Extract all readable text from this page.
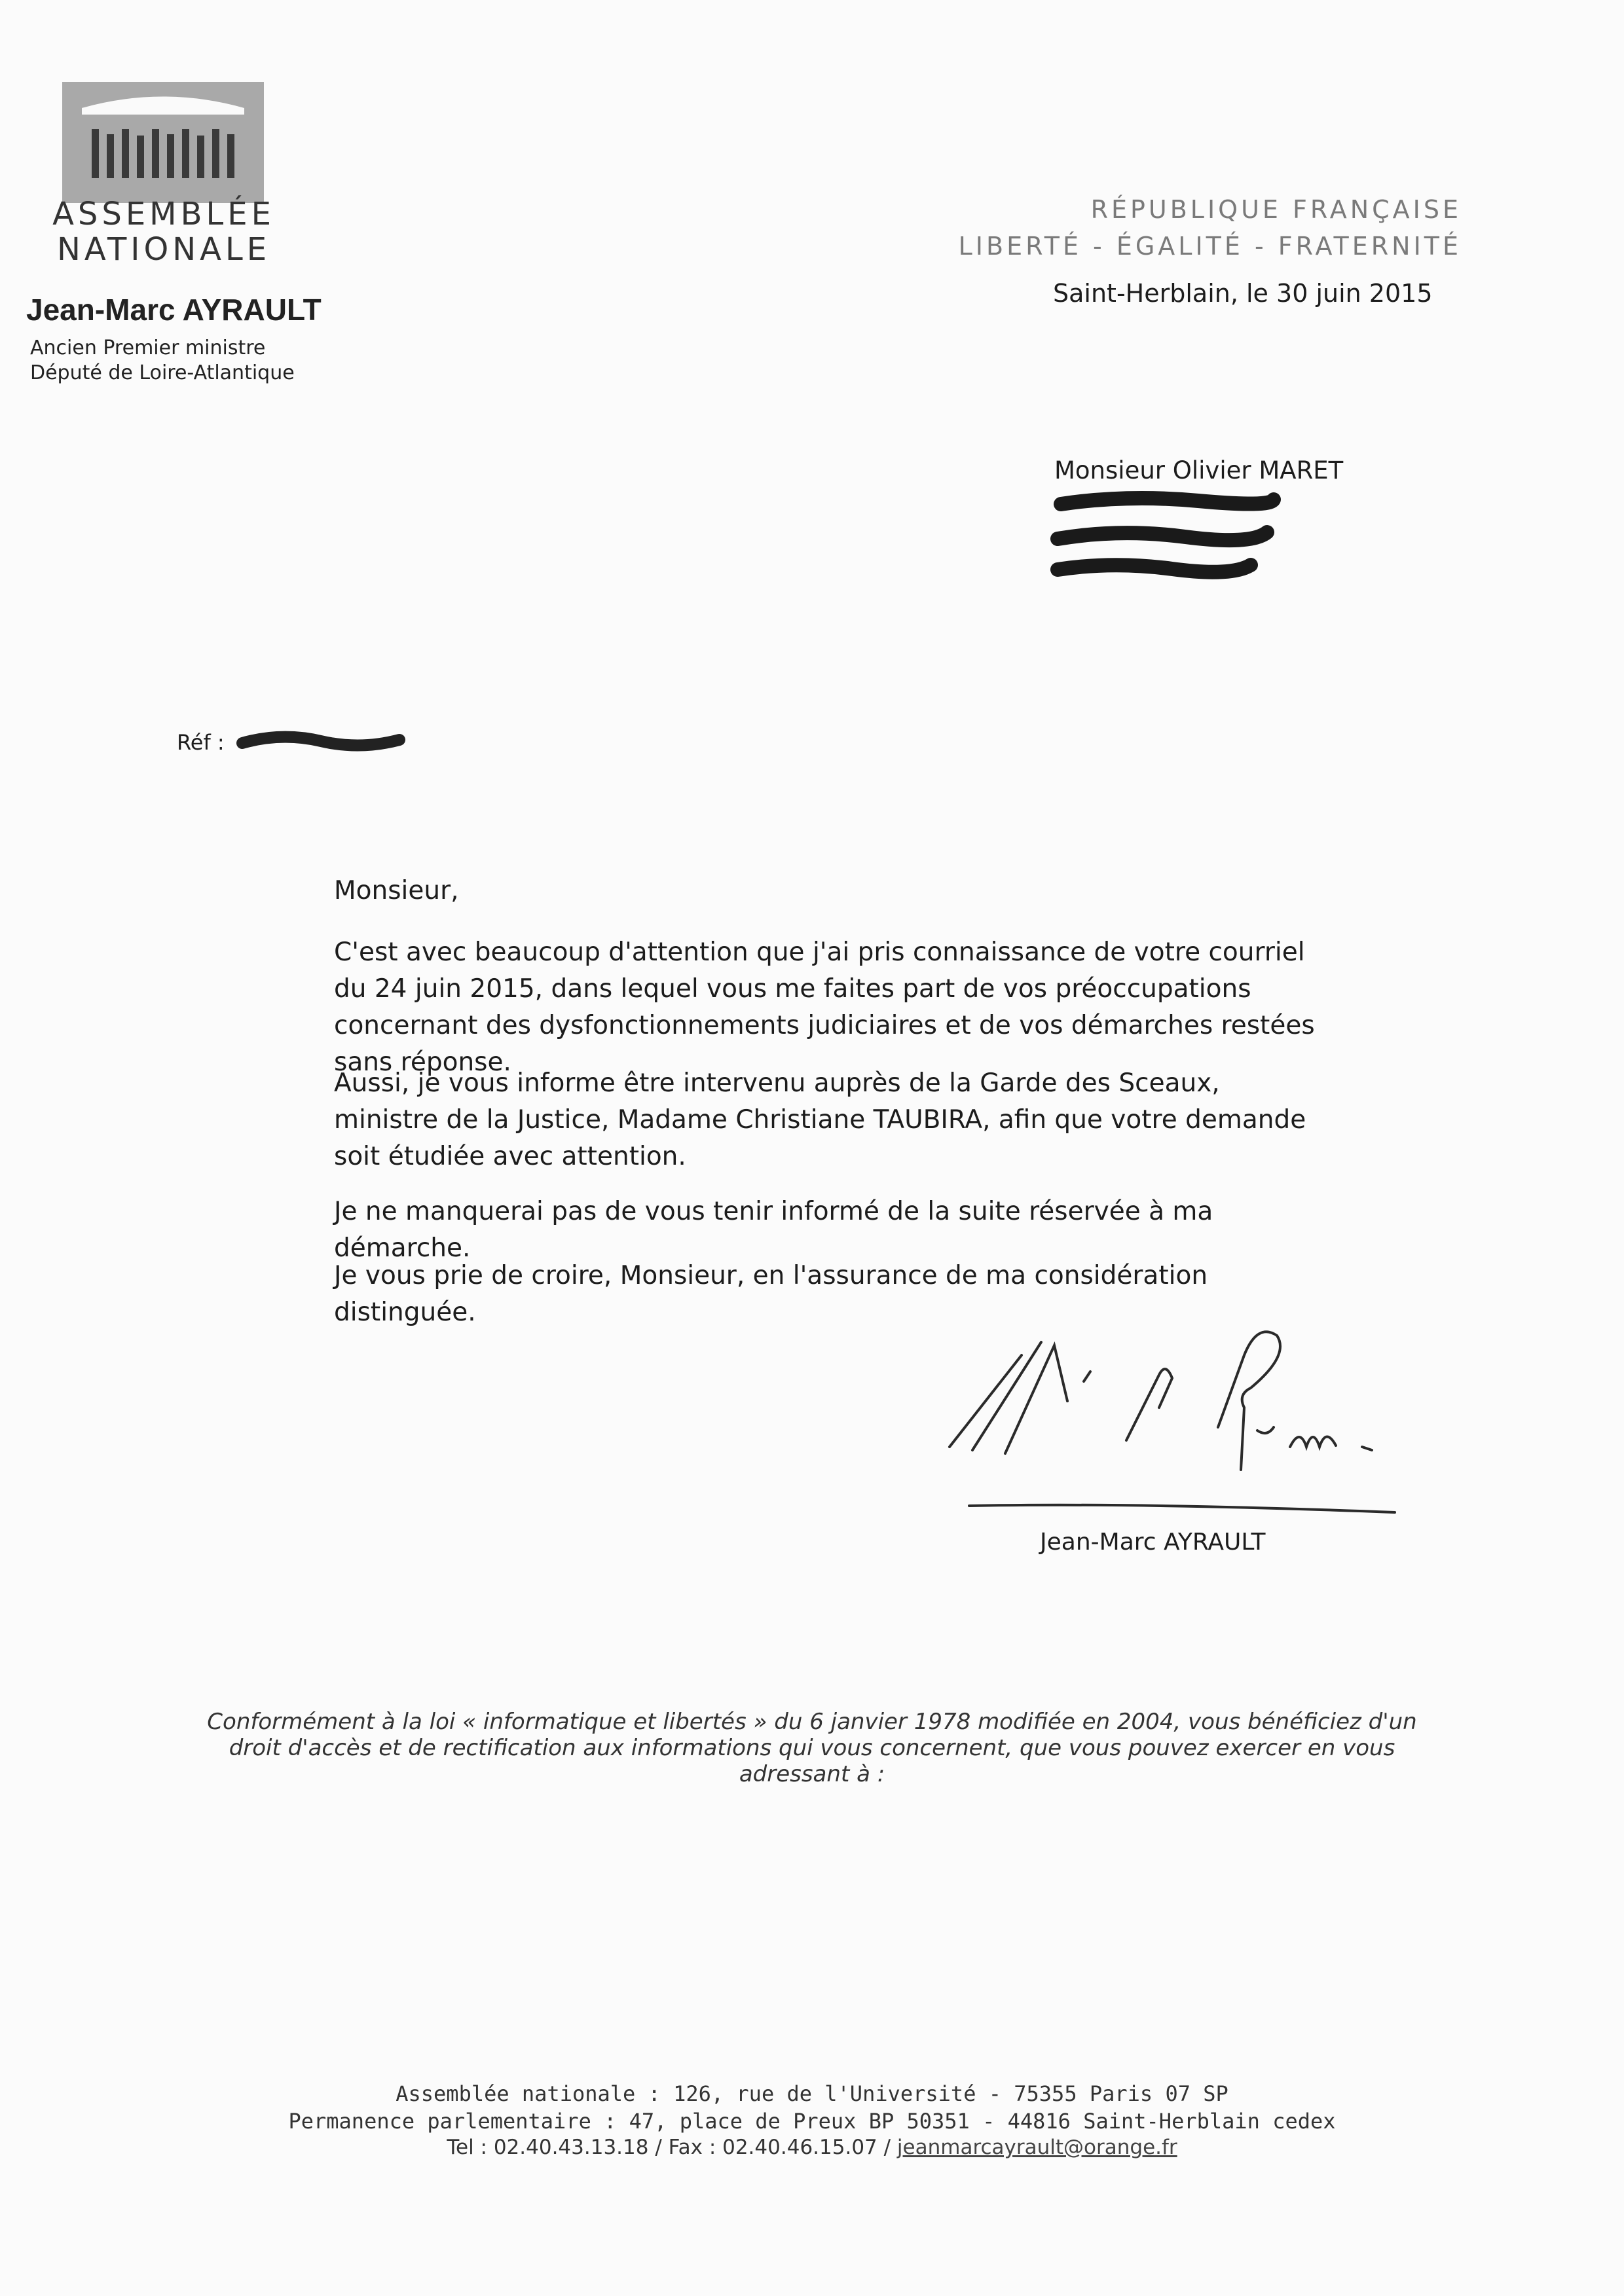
ASSEMBLÉE
NATIONALE
Jean-Marc AYRAULT
Ancien Premier ministre
Député de Loire-Atlantique
RÉPUBLIQUE FRANÇAISE
LIBERTÉ - ÉGALITÉ - FRATERNITÉ
Saint-Herblain, le 30 juin 2015
Monsieur Olivier MARET
Réf :
Monsieur,
C'est avec beaucoup d'attention que j'ai pris connaissance de votre courriel du 24 juin 2015, dans lequel vous me faites part de vos préoccupations concernant des dysfonctionnements judiciaires et de vos démarches restées sans réponse.
Aussi, je vous informe être intervenu auprès de la Garde des Sceaux, ministre de la Justice, Madame Christiane TAUBIRA, afin que votre demande soit étudiée avec attention.
Je ne manquerai pas de vous tenir informé de la suite réservée à ma démarche.
Je vous prie de croire, Monsieur, en l'assurance de ma considération distinguée.
Jean-Marc AYRAULT
Conformément à la loi « informatique et libertés » du 6 janvier 1978 modifiée en 2004, vous bénéficiez d'un droit d'accès et de rectification aux informations qui vous concernent, que vous pouvez exercer en vous adressant à :
Assemblée nationale : 126, rue de l'Université - 75355 Paris 07 SP
Permanence parlementaire : 47, place de Preux BP 50351 - 44816 Saint-Herblain cedex
Tel : 02.40.43.13.18 / Fax : 02.40.46.15.07 / jeanmarcayrault@orange.fr
